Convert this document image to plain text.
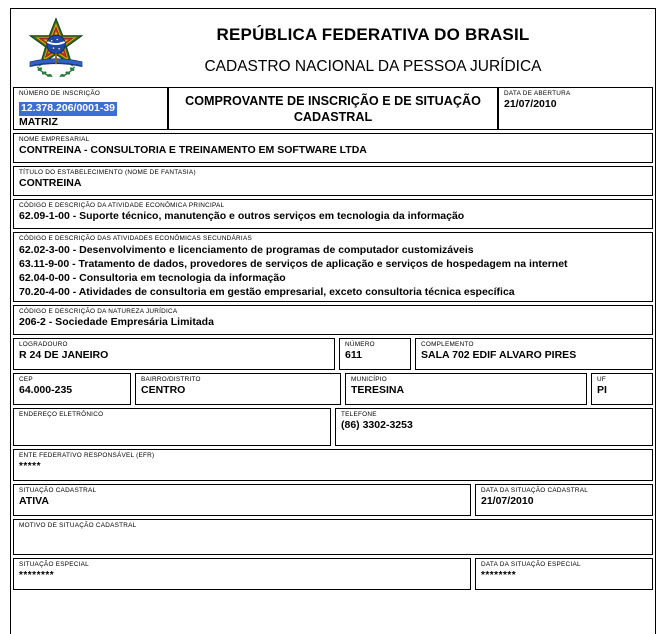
REPÚBLICA FEDERATIVA DO BRASIL
CADASTRO NACIONAL DA PESSOA JURÍDICA
NÚMERO DE INSCRIÇÃO
12.378.206/0001-39
MATRIZ
COMPROVANTE DE INSCRIÇÃO E DE SITUAÇÃO CADASTRAL
DATA DE ABERTURA
21/07/2010
NOME EMPRESARIAL
CONTREINA - CONSULTORIA E TREINAMENTO EM SOFTWARE LTDA
TÍTULO DO ESTABELECIMENTO (NOME DE FANTASIA)
CONTREINA
CÓDIGO E DESCRIÇÃO DA ATIVIDADE ECONÔMICA PRINCIPAL
62.09-1-00 - Suporte técnico, manutenção e outros serviços em tecnologia da informação
CÓDIGO E DESCRIÇÃO DAS ATIVIDADES ECONÔMICAS SECUNDÁRIAS
62.02-3-00 - Desenvolvimento e licenciamento de programas de computador customizáveis
63.11-9-00 - Tratamento de dados, provedores de serviços de aplicação e serviços de hospedagem na internet
62.04-0-00 - Consultoria em tecnologia da informação
70.20-4-00 - Atividades de consultoria em gestão empresarial, exceto consultoria técnica específica
CÓDIGO E DESCRIÇÃO DA NATUREZA JURÍDICA
206-2 - Sociedade Empresária Limitada
LOGRADOURO
R 24 DE JANEIRO
NÚMERO
611
COMPLEMENTO
SALA 702 EDIF ALVARO PIRES
CEP
64.000-235
BAIRRO/DISTRITO
CENTRO
MUNICÍPIO
TERESINA
UF
PI
ENDEREÇO ELETRÔNICO	TELEFONE
(86) 3302-3253
ENTE FEDERATIVO RESPONSÁVEL (EFR)
*****
SITUAÇÃO CADASTRAL
ATIVA
DATA DA SITUAÇÃO CADASTRAL
21/07/2010
MOTIVO DE SITUAÇÃO CADASTRAL
SITUAÇÃO ESPECIAL
********
DATA DA SITUAÇÃO ESPECIAL
********
